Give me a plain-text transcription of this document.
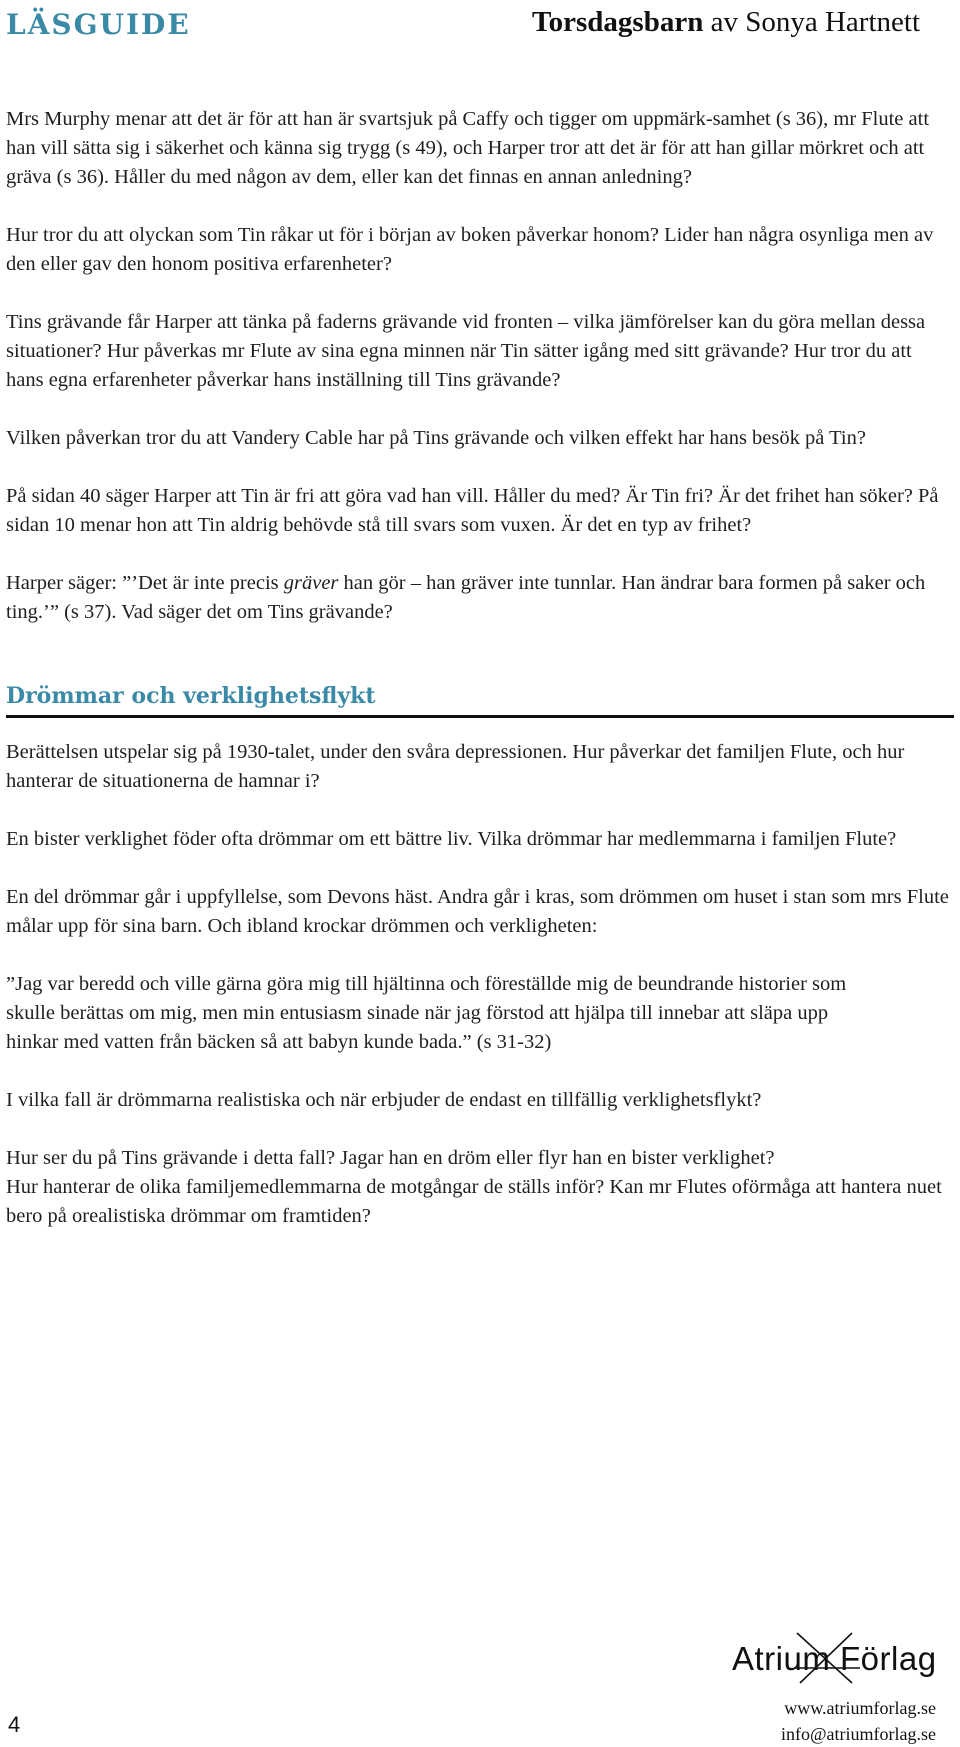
LÄSGUIDE	Torsdagsbarn av Sonya Hartnett

Mrs Murphy menar att det är för att han är svartsjuk på Caffy och tigger om uppmärk-samhet (s 36), mr Flute att han vill sätta sig i säkerhet och känna sig trygg (s 49), och Harper tror att det är för att han gillar mörkret och att gräva (s 36). Håller du med någon av dem, eller kan det finnas en annan anledning?

Hur tror du att olyckan som Tin råkar ut för i början av boken påverkar honom? Lider han några osynliga men av den eller gav den honom positiva erfarenheter?

Tins grävande får Harper att tänka på faderns grävande vid fronten – vilka jämförelser kan du göra mellan dessa situationer? Hur påverkas mr Flute av sina egna minnen när Tin sätter igång med sitt grävande? Hur tror du att hans egna erfarenheter påverkar hans inställning till Tins grävande?

Vilken påverkan tror du att Vandery Cable har på Tins grävande och vilken effekt har hans besök på Tin?

På sidan 40 säger Harper att Tin är fri att göra vad han vill. Håller du med? Är Tin fri? Är det frihet han söker? På sidan 10 menar hon att Tin aldrig behövde stå till svars som vuxen. Är det en typ av frihet?

Harper säger: ”’Det är inte precis gräver han gör – han gräver inte tunnlar. Han ändrar bara formen på saker och ting.’” (s 37). Vad säger det om Tins grävande?

Drömmar och verklighetsflykt

Berättelsen utspelar sig på 1930-talet, under den svåra depressionen. Hur påverkar det familjen Flute, och hur hanterar de situationerna de hamnar i?

En bister verklighet föder ofta drömmar om ett bättre liv. Vilka drömmar har medlemmarna i familjen Flute?

En del drömmar går i uppfyllelse, som Devons häst. Andra går i kras, som drömmen om huset i stan som mrs Flute målar upp för sina barn. Och ibland krockar drömmen och verkligheten:

”Jag var beredd och ville gärna göra mig till hjältinna och föreställde mig de beundrande historier som skulle berättas om mig, men min entusiasm sinade när jag förstod att hjälpa till innebar att släpa upp hinkar med vatten från bäcken så att babyn kunde bada.” (s 31-32)

I vilka fall är drömmarna realistiska och när erbjuder de endast en tillfällig verklighetsflykt?

Hur ser du på Tins grävande i detta fall? Jagar han en dröm eller flyr han en bister verklighet?

Hur hanterar de olika familjemedlemmarna de motgångar de ställs inför? Kan mr Flutes oförmåga att hantera nuet bero på orealistiska drömmar om framtiden?

4
Atrium Förlag
www.atriumforlag.se
info@atriumforlag.se
